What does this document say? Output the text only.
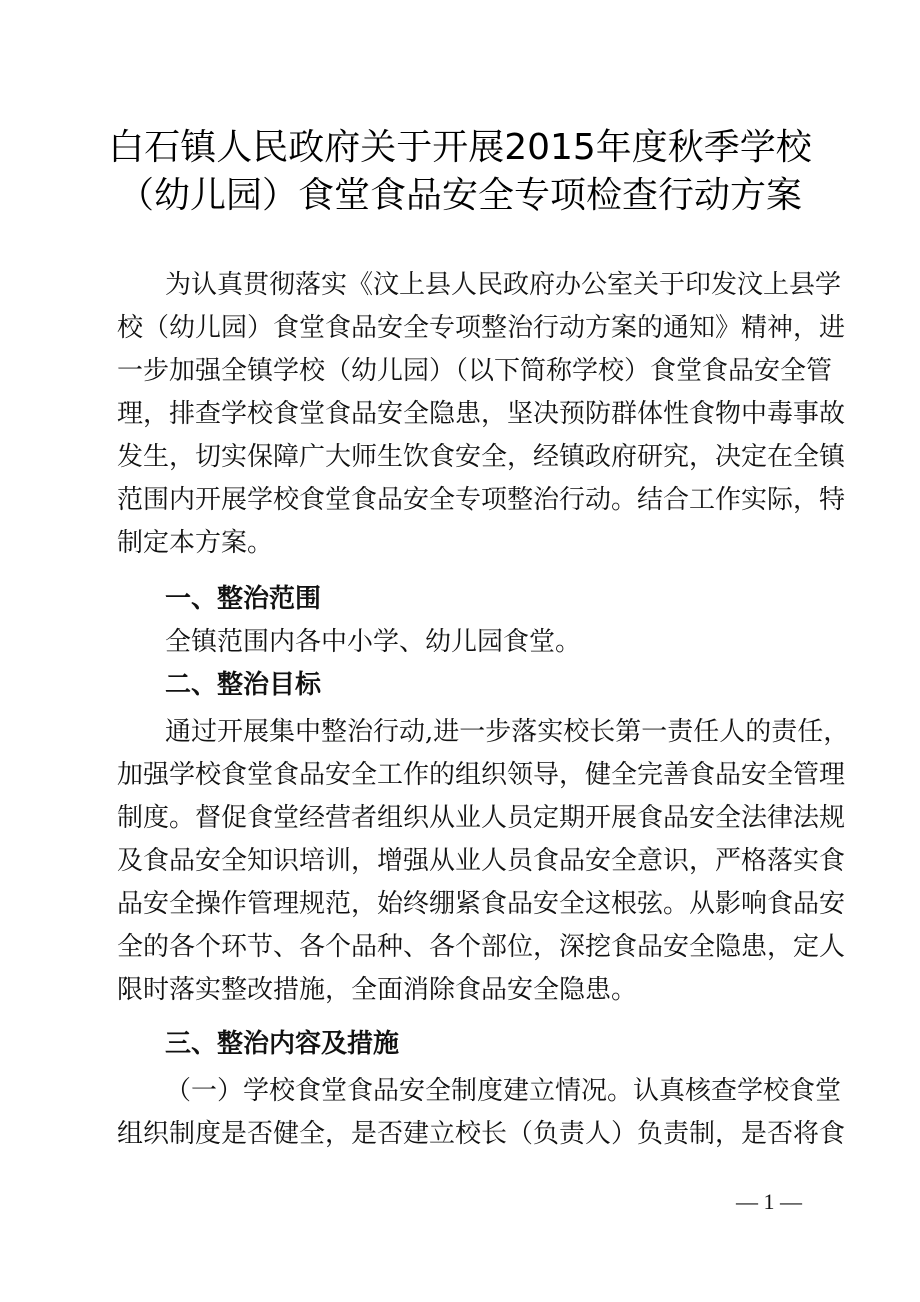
白石镇人民政府关于开展2015年度秋季学校
（幼儿园）食堂食品安全专项检查行动方案
为认真贯彻落实《汶上县人民政府办公室关于印发汶上县学
校（幼儿园）食堂食品安全专项整治行动方案的通知》精神，进
一步加强全镇学校（幼儿园）（以下简称学校）食堂食品安全管
理，排查学校食堂食品安全隐患，坚决预防群体性食物中毒事故
发生，切实保障广大师生饮食安全，经镇政府研究，决定在全镇
范围内开展学校食堂食品安全专项整治行动。结合工作实际，特
制定本方案。
一、整治范围
全镇范围内各中小学、幼儿园食堂。
二、整治目标
通过开展集中整治行动,进一步落实校长第一责任人的责任，
加强学校食堂食品安全工作的组织领导，健全完善食品安全管理
制度。督促食堂经营者组织从业人员定期开展食品安全法律法规
及食品安全知识培训，增强从业人员食品安全意识，严格落实食
品安全操作管理规范，始终绷紧食品安全这根弦。从影响食品安
全的各个环节、各个品种、各个部位，深挖食品安全隐患，定人
限时落实整改措施，全面消除食品安全隐患。
三、整治内容及措施
（一）学校食堂食品安全制度建立情况。认真核查学校食堂
组织制度是否健全，是否建立校长（负责人）负责制，是否将食
— 1 —
